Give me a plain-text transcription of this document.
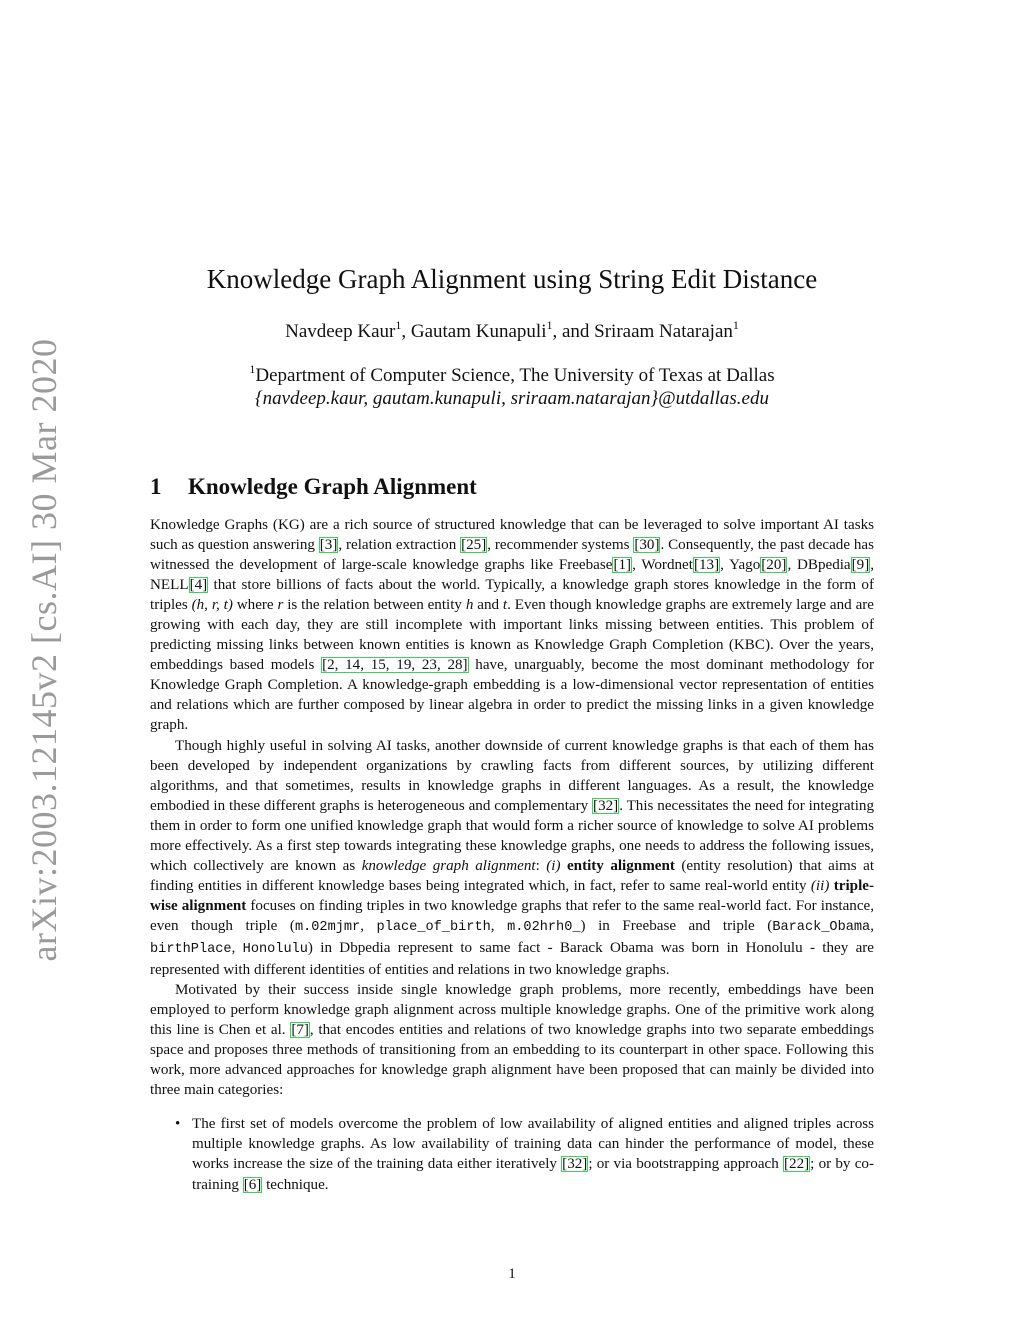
arXiv:2003.12145v2 [cs.AI] 30 Mar 2020
Knowledge Graph Alignment using String Edit Distance
Navdeep Kaur$^1$, Gautam Kunapuli$^1$, and Sriraam Natarajan$^1$
$^1$Department of Computer Science, The University of Texas at Dallas
{navdeep.kaur, gautam.kunapuli, sriraam.natarajan}@utdallas.edu
1 Knowledge Graph Alignment

Knowledge Graphs (KG) are a rich source of structured knowledge that can be leveraged to solve important AI tasks such as question answering [3], relation extraction [25], recommender systems [30]. Consequently, the past decade has witnessed the development of large-scale knowledge graphs like Freebase[1], Wordnet[13], Yago[20], DBpedia[9], NELL[4] that store billions of facts about the world. Typically, a knowledge graph stores knowledge in the form of triples (h, r, t) where r is the relation between entity h and t. Even though knowledge graphs are extremely large and are growing with each day, they are still incomplete with important links missing between entities. This problem of predicting missing links between known entities is known as Knowledge Graph Completion (KBC). Over the years, embeddings based models [2, 14, 15, 19, 23, 28] have, unarguably, become the most dominant methodology for Knowledge Graph Completion. A knowledge-graph embedding is a low-dimensional vector representation of entities and relations which are further composed by linear algebra in order to predict the missing links in a given knowledge graph.

Though highly useful in solving AI tasks, another downside of current knowledge graphs is that each of them has been developed by independent organizations by crawling facts from different sources, by utilizing different algorithms, and that sometimes, results in knowledge graphs in different languages. As a result, the knowledge embodied in these different graphs is heterogeneous and complementary [32]. This necessitates the need for integrating them in order to form one unified knowledge graph that would form a richer source of knowledge to solve AI problems more effectively. As a first step towards integrating these knowledge graphs, one needs to address the following issues, which collectively are known as knowledge graph alignment: (i) entity alignment (entity resolution) that aims at finding entities in different knowledge bases being integrated which, in fact, refer to same real-world entity (ii) triple-wise alignment focuses on finding triples in two knowledge graphs that refer to the same real-world fact. For instance, even though triple (m.02mjmr, place_of_birth, m.02hrh0_) in Freebase and triple (Barack_Obama, birthPlace, Honolulu) in Dbpedia represent to same fact - Barack Obama was born in Honolulu - they are represented with different identities of entities and relations in two knowledge graphs.

Motivated by their success inside single knowledge graph problems, more recently, embeddings have been employed to perform knowledge graph alignment across multiple knowledge graphs. One of the primitive work along this line is Chen et al. [7], that encodes entities and relations of two knowledge graphs into two separate embeddings space and proposes three methods of transitioning from an embedding to its counterpart in other space. Following this work, more advanced approaches for knowledge graph alignment have been proposed that can mainly be divided into three main categories:

• The first set of models overcome the problem of low availability of aligned entities and aligned triples across multiple knowledge graphs. As low availability of training data can hinder the performance of model, these works increase the size of the training data either iteratively [32]; or via bootstrapping approach [22]; or by co-training [6] technique.
1
